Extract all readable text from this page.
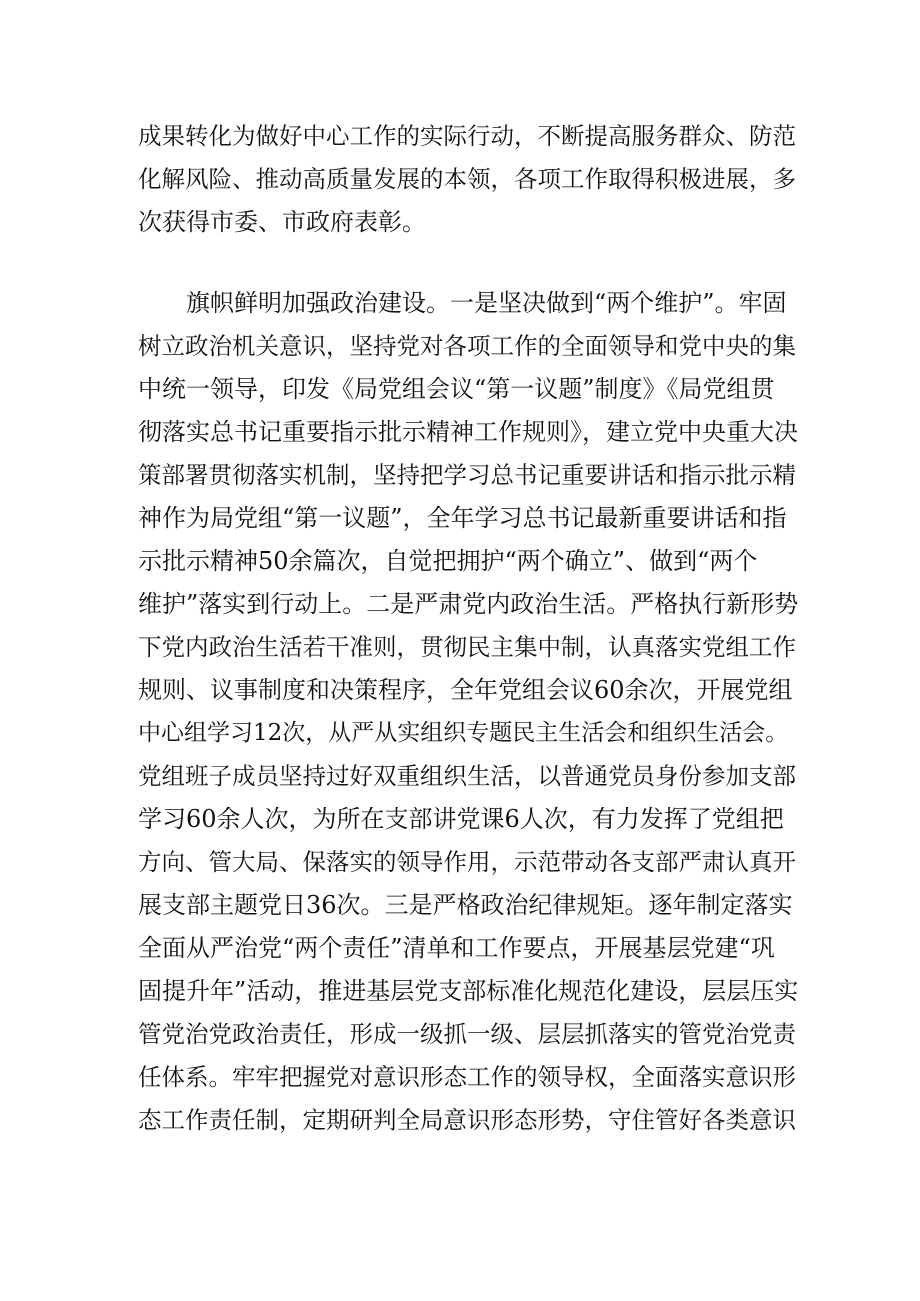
成果转化为做好中心工作的实际行动，不断提高服务群众、防范

化解风险、推动高质量发展的本领，各项工作取得积极进展，多

次获得市委、市政府表彰。

旗帜鲜明加强政治建设。一是坚决做到“两个维护”。牢固

树立政治机关意识，坚持党对各项工作的全面领导和党中央的集

中统一领导，印发《局党组会议“第一议题”制度》《局党组贯

彻落实总书记重要指示批示精神工作规则》，建立党中央重大决

策部署贯彻落实机制，坚持把学习总书记重要讲话和指示批示精

神作为局党组“第一议题”，全年学习总书记最新重要讲话和指

示批示精神50余篇次，自觉把拥护“两个确立”、做到“两个

维护”落实到行动上。二是严肃党内政治生活。严格执行新形势

下党内政治生活若干准则，贯彻民主集中制，认真落实党组工作

规则、议事制度和决策程序，全年党组会议60余次，开展党组

中心组学习12次，从严从实组织专题民主生活会和组织生活会。

党组班子成员坚持过好双重组织生活，以普通党员身份参加支部

学习60余人次，为所在支部讲党课6人次，有力发挥了党组把

方向、管大局、保落实的领导作用，示范带动各支部严肃认真开

展支部主题党日36次。三是严格政治纪律规矩。逐年制定落实

全面从严治党“两个责任”清单和工作要点，开展基层党建“巩

固提升年”活动，推进基层党支部标准化规范化建设，层层压实

管党治党政治责任，形成一级抓一级、层层抓落实的管党治党责

任体系。牢牢把握党对意识形态工作的领导权，全面落实意识形

态工作责任制，定期研判全局意识形态形势，守住管好各类意识
